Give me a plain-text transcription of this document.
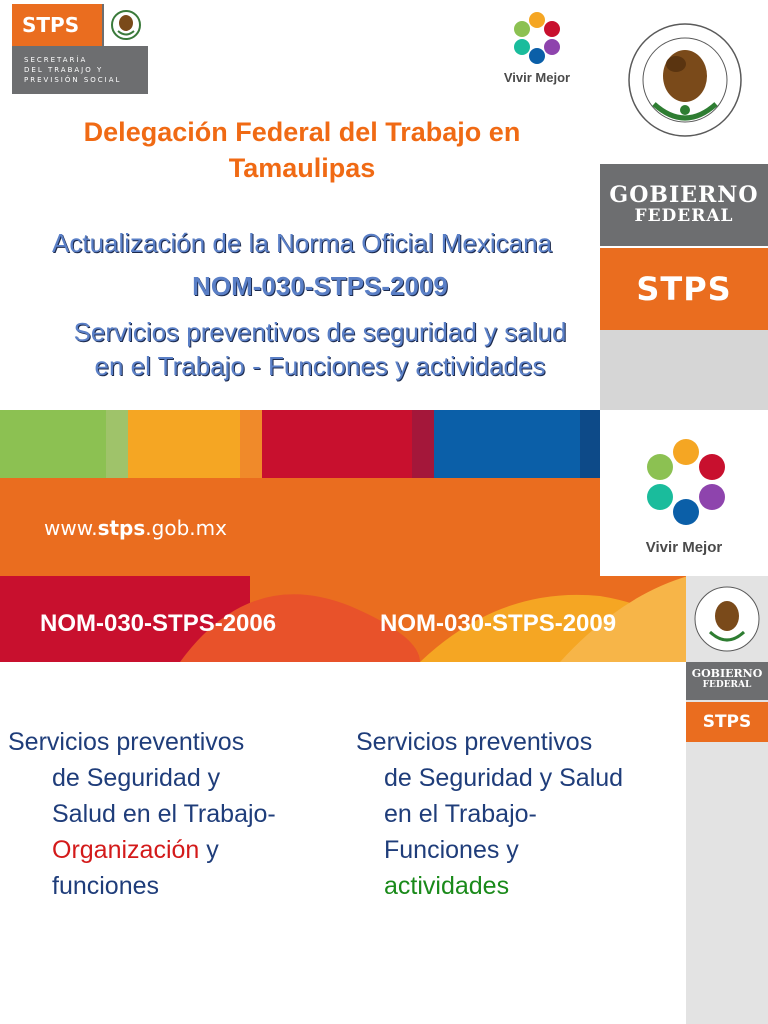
STPS
SECRETARÍA
DEL TRABAJO Y
PREVISIÓN SOCIAL	Vivir Mejor
Delegación Federal del Trabajo en
Tamaulipas
Actualización de la Norma Oficial Mexicana
NOM-030-STPS-2009
Servicios preventivos de seguridad y salud
en el Trabajo - Funciones y actividades
www.stps.gob.mx
GOBIERNO
FEDERAL
STPS
Vivir Mejor
NOM-030-STPS-2006	NOM-030-STPS-2009
GOBIERNO
FEDERAL
STPS
Servicios preventivos
de Seguridad y
Salud en el Trabajo-
Organización y
funciones
Servicios preventivos
de Seguridad y Salud
en el Trabajo-
Funciones y
actividades
